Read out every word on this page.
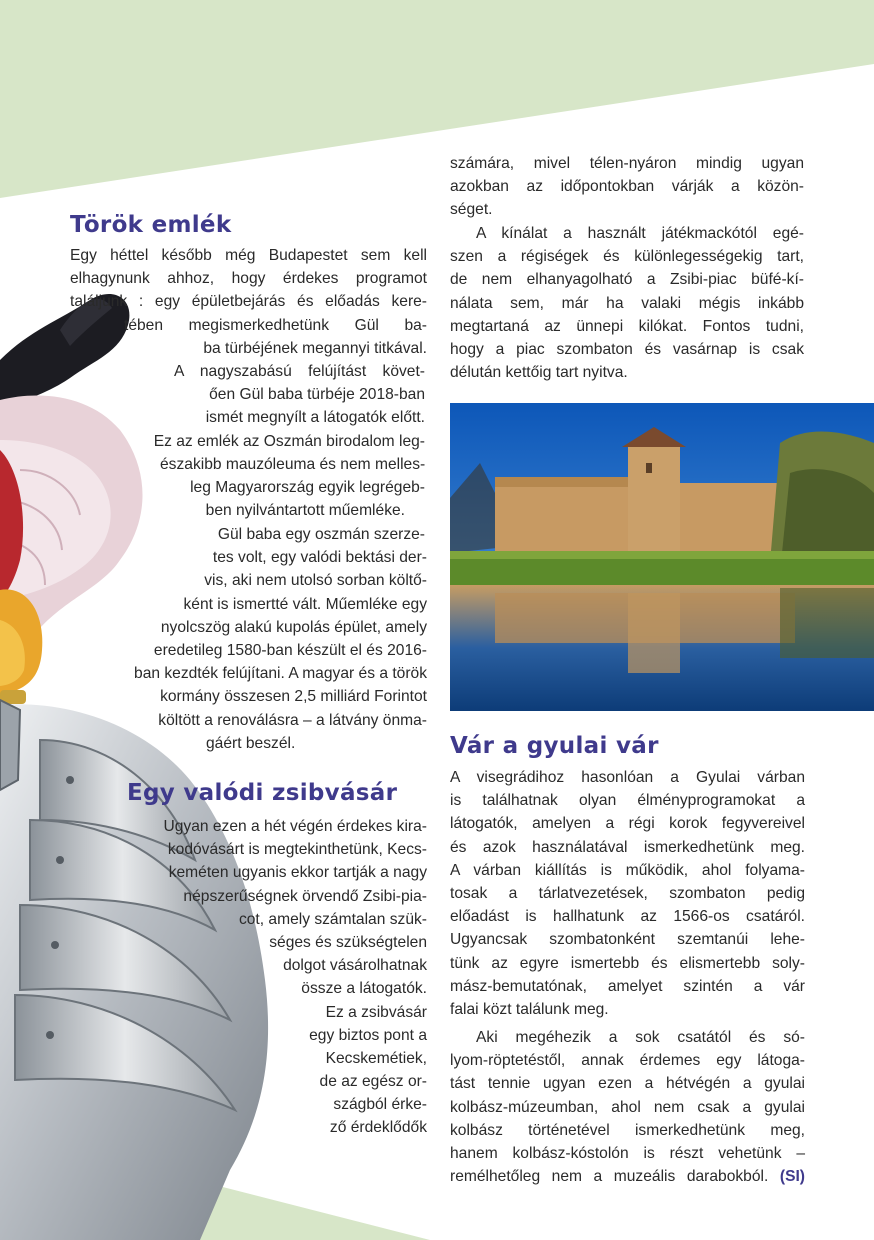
Török emlék
Egy héttel később még Budapestet sem kell
elhagynunk ahhoz, hogy érdekes programot
találjunk : egy épületbejárás és előadás kere-
tében megismerkedhetünk Gül ba-
ba türbéjének megannyi titkával.
A nagyszabású felújítást követ-
ően Gül baba türbéje 2018-ban
ismét megnyílt a látogatók előtt.
Ez az emlék az Oszmán birodalom leg-
északibb mauzóleuma és nem melles-
leg Magyarország egyik legrégeb-
ben nyilvántartott műemléke.
Gül baba egy oszmán szerze-
tes volt, egy valódi bektási der-
vis, aki nem utolsó sorban költő-
ként is ismertté vált. Műemléke egy
nyolcszög alakú kupolás épület, amely
eredetileg 1580-ban készült el és 2016-
ban kezdték felújítani. A magyar és a török
kormány összesen 2,5 milliárd Forintot
költött a renoválásra – a látvány önma-
gáért beszél.
Egy valódi zsibvásár
Ugyan ezen a hét végén érdekes kira-
kodóvásárt is megtekinthetünk, Kecs-
keméten ugyanis ekkor tartják a nagy
népszerűségnek örvendő Zsibi-pia-
cot, amely számtalan szük-
séges és szükségtelen
dolgot vásárolhatnak
össze a látogatók.
Ez a zsibvásár
egy biztos pont a
Kecskemétiek,
de az egész or-
szágból érke-
ző érdeklődők
számára, mivel télen-nyáron mindig ugyan
azokban az időpontokban várják a közön-
séget.
A kínálat a használt játékmackótól egé-
szen a régiségek és különlegességekig tart,
de nem elhanyagolható a Zsibi-piac büfé-kí-
nálata sem, már ha valaki mégis inkább
megtartaná az ünnepi kilókat. Fontos tudni,
hogy a piac szombaton és vasárnap is csak
délután kettőig tart nyitva.
Vár a gyulai vár
A visegrádihoz hasonlóan a Gyulai várban
is találhatnak olyan élményprogramokat a
látogatók, amelyen a régi korok fegyvereivel
és azok használatával ismerkedhetünk meg.
A várban kiállítás is működik, ahol folyama-
tosak a tárlatvezetések, szombaton pedig
előadást is hallhatunk az 1566-os csatáról.
Ugyancsak szombatonként szemtanúi lehe-
tünk az egyre ismertebb és elismertebb soly-
mász-bemutatónak, amelyet szintén a vár
falai közt találunk meg.
Aki megéhezik a sok csatától és só-
lyom-röptetéstől, annak érdemes egy látoga-
tást tennie ugyan ezen a hétvégén a gyulai
kolbász-múzeumban, ahol nem csak a gyulai
kolbász történetével ismerkedhetünk meg,
hanem kolbász-kóstolón is részt vehetünk –
remélhetőleg nem a muzeális darabokból. (SI)
